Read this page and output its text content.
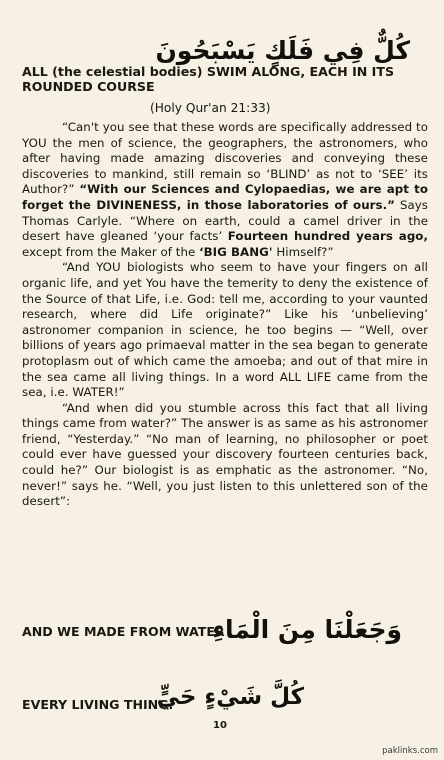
كُلٌّ فِي فَلَكٍ يَسْبَحُونَ
ALL (the celestial bodies) SWIM ALONG, EACH IN ITS ROUNDED COURSE

(Holy Qur'an 21:33)

“Can't you see that these words are specifically addressed to YOU the men of science, the geographers, the astronomers, who after having made amazing discoveries and conveying these discoveries to mankind, still remain so ‘BLIND’ as not to ‘SEE’ its Author?” “With our Sciences and Cylopaedias, we are apt to forget the DIVINENESS, in those laboratories of ours.” Says Thomas Carlyle. “Where on earth, could a camel driver in the desert have gleaned ‘your facts’ Fourteen hundred years ago, except from the Maker of the ‘BIG BANG' Himself?”

“And YOU biologists who seem to have your fingers on all organic life, and yet You have the temerity to deny the existence of the Source of that Life, i.e. God: tell me, according to your vaunted research, where did Life originate?” Like his ‘unbelieving’ astronomer companion in science, he too begins — “Well, over billions of years ago primaeval matter in the sea began to generate protoplasm out of which came the amoeba; and out of that mire in the sea came all living things. In a word ALL LIFE came from the sea, i.e. WATER!”

“And when did you stumble across this fact that all living things came from water?” The answer is as same as his astronomer friend, “Yesterday.” “No man of learning, no philosopher or poet could ever have guessed your discovery fourteen centuries back, could he?” Our biologist is as emphatic as the astronomer. “No, never!” says he. “Well, you just listen to this unlettered son of the desert”:

وَجَعَلْنَا مِنَ الْمَاءِ

AND WE MADE FROM WATER

كُلَّ شَيْءٍ حَيٍّ

EVERY LIVING THING.

10
paklinks.com
